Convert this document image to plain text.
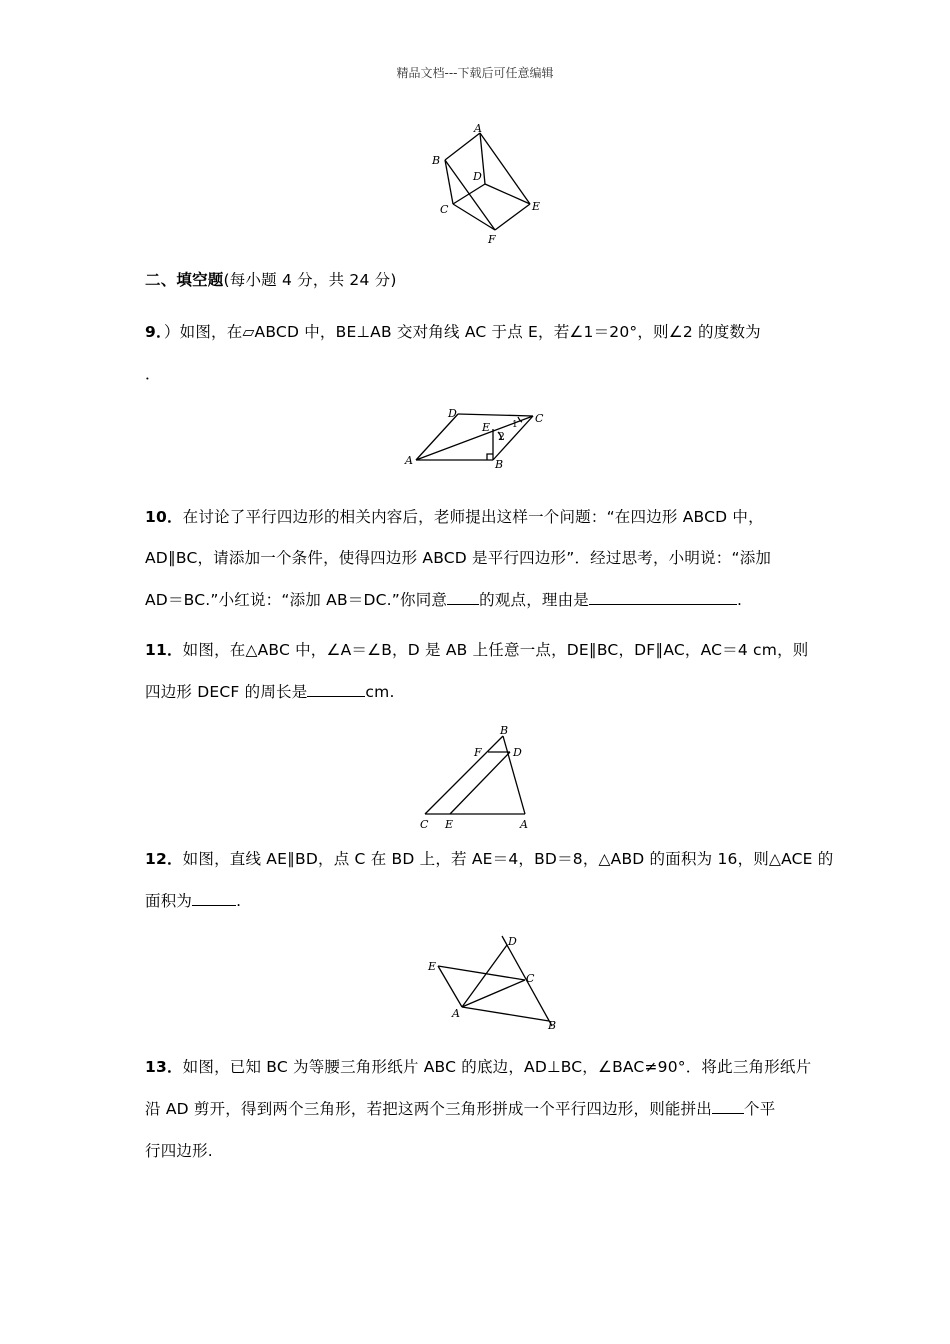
精品文档---下载后可任意编辑
A
B
D
C	E
F
二、填空题(每小题 4 分，共 24 分)
9．）如图，在▱ABCD 中，BE⊥AB 交对角线 AC 于点 E，若∠1＝20°，则∠2 的度数为
．
D	C
E 1
2
A	B
10．在讨论了平行四边形的相关内容后，老师提出这样一个问题：“在四边形 ABCD 中，
AD∥BC，请添加一个条件，使得四边形 ABCD 是平行四边形”．经过思考，小明说：“添加
AD＝BC.”小红说：“添加 AB＝DC.”你同意 的观点，理由是	.
11．如图，在△ABC 中，∠A＝∠B，D 是 AB 上任意一点，DE∥BC，DF∥AC，AC＝4 cm，则
四边形 DECF 的周长是	cm.
B
F	D
C E	A
12．如图，直线 AE∥BD，点 C 在 BD 上，若 AE＝4，BD＝8，△ABD 的面积为 16，则△ACE 的
面积为	.
D
E
C
A
B
13．如图，已知 BC 为等腰三角形纸片 ABC 的底边，AD⊥BC，∠BAC≠90°．将此三角形纸片
沿 AD 剪开，得到两个三角形，若把这两个三角形拼成一个平行四边形，则能拼出 个平
行四边形.
